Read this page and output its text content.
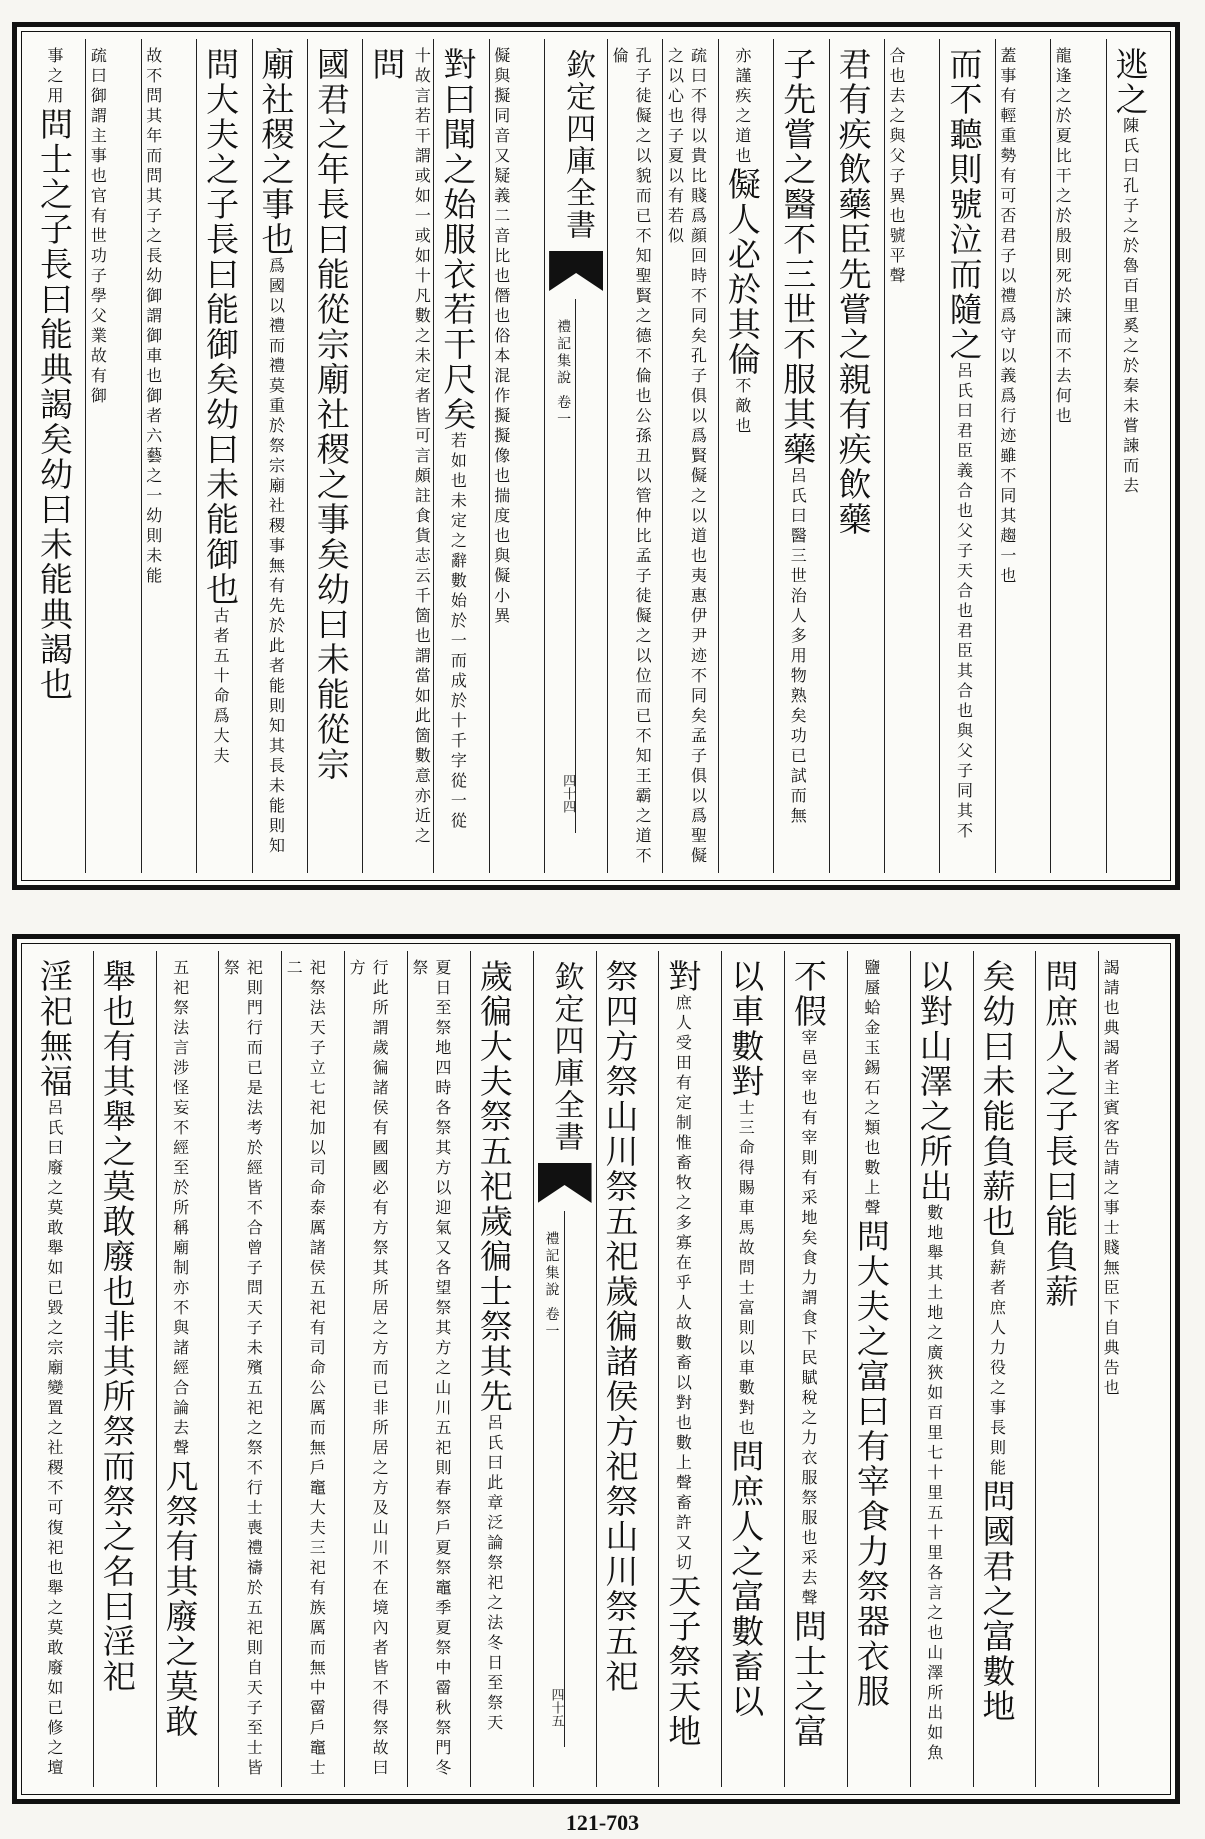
逃之陳氏曰孔子之於魯百里奚之於秦未嘗諫而去
龍逢之於夏比干之於殷則死於諫而不去何也
蓋事有輕重勢有可否君子以禮爲守以義爲行迹雖不同其趨一也
而不聽則號泣而隨之呂氏曰君臣義合也父子天合也君臣其合也與父子同其不
合也去之與父子異也號平聲
君有疾飲藥臣先嘗之親有疾飲藥
子先嘗之醫不三世不服其藥呂氏曰醫三世治人多用物熟矣功已試而無
亦謹疾之道也儗人必於其倫不敵也
疏曰不得以貴比賤爲顔回時不同矣孔子俱以爲賢儗之以道也夷惠伊尹迹不同矣孟子俱以爲聖儗之以心也子夏以有若似
孔子徒儗之以貌而已不知聖賢之德不倫也公孫丑以管仲比孟子徒儗之以位而已不知王霸之道不倫
欽定四庫全書
禮記集說 卷一
四十四
儗與擬同音又疑義二音比也僭也俗本混作擬擬像也揣度也與儗小異
對曰聞之始服衣若干尺矣若如也未定之辭數始於一而成於十千字從一從
十故言若干謂或如一或如十凡數之未定者皆可言頗註食貨志云千箇也謂當如此箇數意亦近之問
國君之年長曰能從宗廟社稷之事矣幼曰未能從宗
廟社稷之事也爲國以禮而禮莫重於祭宗廟社稷事無有先於此者能則知其長未能則知
問大夫之子長曰能御矣幼曰未能御也古者五十命爲大夫
故不問其年而問其子之長幼御謂御車也御者六藝之一幼則未能
疏曰御謂主事也官有世功子學父業故有御
事之用問士之子長曰能典謁矣幼曰未能典謁也
謁請也典謁者主賓客告請之事士賤無臣下自典告也
問庶人之子長曰能負薪
矣幼曰未能負薪也負薪者庶人力役之事長則能問國君之富數地
以對山澤之所出數地舉其土地之廣狹如百里七十里五十里各言之也山澤所出如魚
鹽蜃蛤金玉錫石之類也數上聲問大夫之富曰有宰食力祭器衣服
不假宰邑宰也有宰則有采地矣食力謂食下民賦稅之力衣服祭服也采去聲問士之富
以車數對士三命得賜車馬故問士富則以車數對也問庶人之富數畜以
對庶人受田有定制惟畜牧之多寡在乎人故數畜以對也數上聲畜許又切天子祭天地
祭四方祭山川祭五祀歲徧諸侯方祀祭山川祭五祀
欽定四庫全書
禮記集說 卷一
四十五
歲徧大夫祭五祀歲徧士祭其先呂氏曰此章泛論祭祀之法冬日至祭天
夏日至祭地四時各祭其方以迎氣又各望祭其方之山川五祀則春祭戶夏祭竈季夏祭中霤秋祭門冬祭
行此所謂歲徧諸侯有國國必有方祭其所居之方而已非所居之方及山川不在境內者皆不得祭故曰方
祀祭法天子立七祀加以司命泰厲諸侯五祀有司命公厲而無戶竈大夫三祀有族厲而無中霤戶竈士二
祀則門行而已是法考於經皆不合曾子問天子未殯五祀之祭不行士喪禮禱於五祀則自天子至士皆祭
五祀祭法言涉怪妄不經至於所稱廟制亦不與諸經合論去聲凡祭有其廢之莫敢
舉也有其舉之莫敢廢也非其所祭而祭之名曰淫祀
淫祀無福呂氏曰廢之莫敢舉如已毀之宗廟變置之社稷不可復祀也舉之莫敢廢如已修之壇
121-703
